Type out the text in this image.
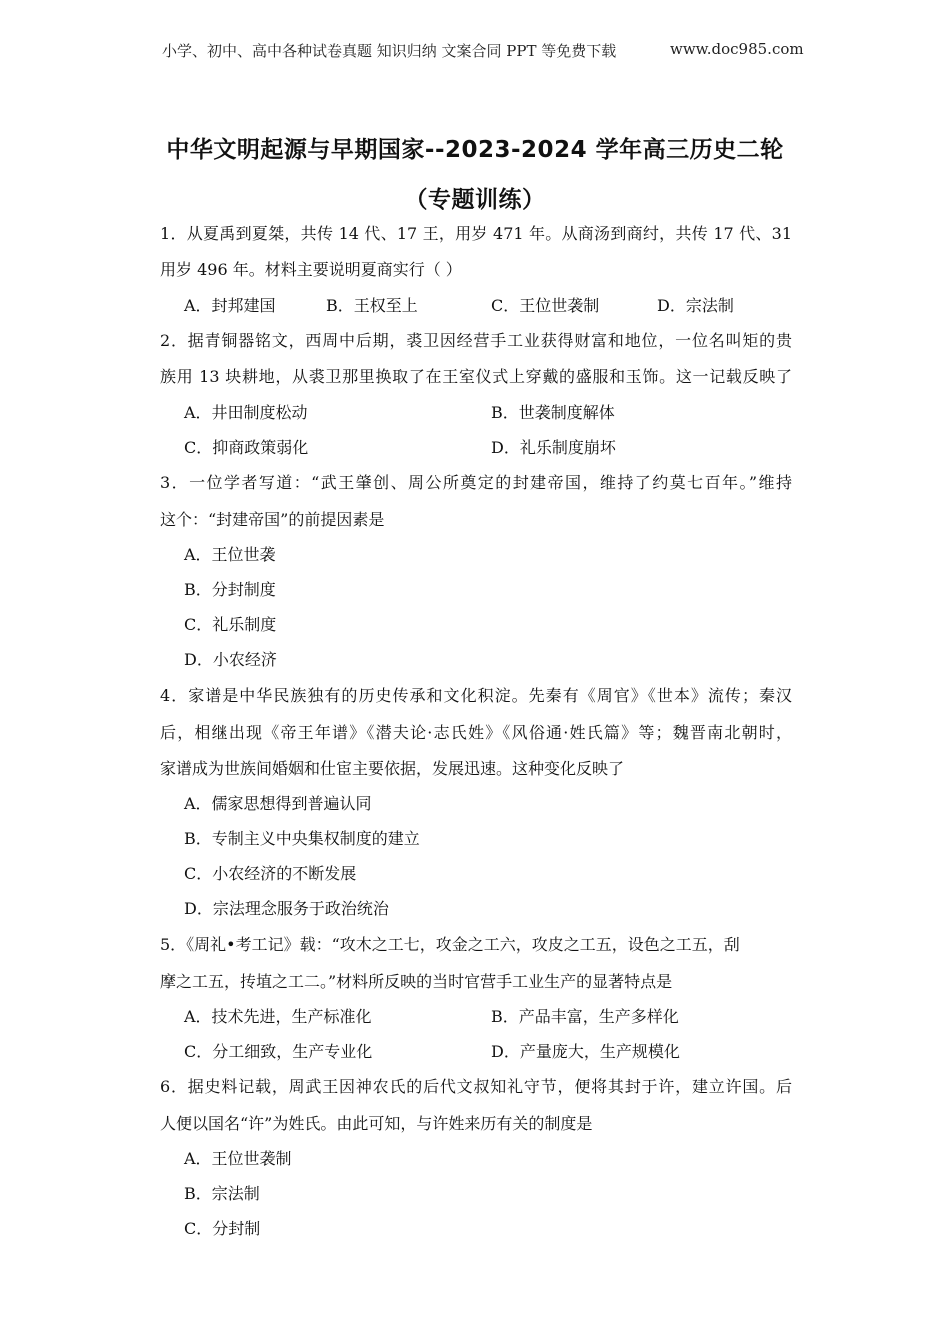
小学、初中、高中各种试卷真题 知识归纳 文案合同 PPT 等免费下载	www.doc985.com
中华文明起源与早期国家--2023-2024 学年高三历史二轮
（专题训练）
1．从夏禹到夏桀，共传 14 代、17 王，用岁 471 年。从商汤到商纣，共传 17 代、31
用岁 496 年。材料主要说明夏商实行（ ）
A．封邦建国	B．王权至上	C．王位世袭制	D．宗法制
2．据青铜器铭文，西周中后期，裘卫因经营手工业获得财富和地位，一位名叫矩的贵
族用 13 块耕地，从裘卫那里换取了在王室仪式上穿戴的盛服和玉饰。这一记载反映了
A．井田制度松动	B．世袭制度解体
C．抑商政策弱化	D．礼乐制度崩坏
3．一位学者写道：“武王肇创、周公所奠定的封建帝国，维持了约莫七百年。”维持
这个：“封建帝国”的前提因素是
A．王位世袭
B．分封制度
C．礼乐制度
D．小农经济
4．家谱是中华民族独有的历史传承和文化积淀。先秦有《周官》《世本》流传；秦汉
后，相继出现《帝王年谱》《潜夫论·志氏姓》《风俗通·姓氏篇》等；魏晋南北朝时，
家谱成为世族间婚姻和仕宦主要依据，发展迅速。这种变化反映了
A．儒家思想得到普遍认同
B．专制主义中央集权制度的建立
C．小农经济的不断发展
D．宗法理念服务于政治统治
5．《周礼•考工记》载：“攻木之工七，攻金之工六，攻皮之工五，设色之工五，刮
摩之工五，抟埴之工二。”材料所反映的当时官营手工业生产的显著特点是
A．技术先进，生产标准化	B．产品丰富，生产多样化
C．分工细致，生产专业化	D．产量庞大，生产规模化
6．据史料记载，周武王因神农氏的后代文叔知礼守节，便将其封于许，建立许国。后
人便以国名“许”为姓氏。由此可知，与许姓来历有关的制度是
A．王位世袭制
B．宗法制
C．分封制
